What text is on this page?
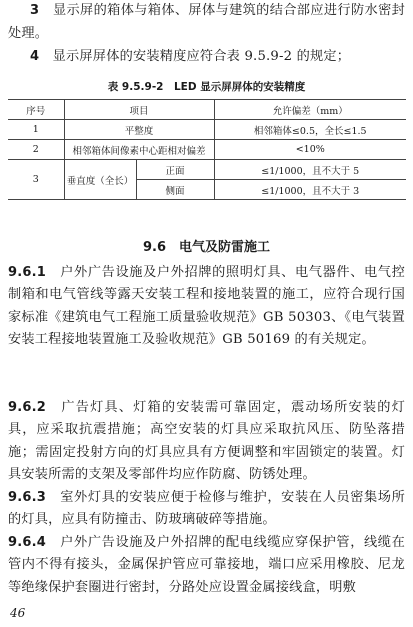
3　 显示屏的箱体与箱体、屏体与建筑的结合部应进行防水密封处理。
4　 显示屏屏体的安装精度应符合表 9.5.9-2 的规定；
表 9.5.9-2　LED 显示屏屏体的安装精度
序号	项目		允许偏差（mm）
1	平整度		相邻箱体≤0.5，全长≤1.5
2	相邻箱体间像素中心距相对偏差		<10%
3	垂直度（全长）	正面	≤1/1000，且不大于 5
		侧面	≤1/1000，且不大于 3
9.6　 电气及防雷施工
9.6.1　 户外广告设施及户外招牌的照明灯具、电气器件、电气控制箱和电气管线等露天安装工程和接地装置的施工，应符合现行国家标准《建筑电气工程施工质量验收规范》GB 50303、《电气装置安装工程接地装置施工及验收规范》GB 50169 的有关规定。
9.6.2　 广告灯具、灯箱的安装需可靠固定，震动场所安装的灯具，应采取抗震措施；高空安装的灯具应采取抗风压、防坠落措施；需固定投射方向的灯具应具有方便调整和牢固锁定的装置。灯具安装所需的支架及零部件均应作防腐、防锈处理。
9.6.3　 室外灯具的安装应便于检修与维护，安装在人员密集场所的灯具，应具有防撞击、防玻璃破碎等措施。
9.6.4　 户外广告设施及户外招牌的配电线缆应穿保护管，线缆在管内不得有接头，金属保护管应可靠接地，端口应采用橡胶、尼龙等绝缘保护套圈进行密封，分路处应设置金属接线盒，明敷
46
